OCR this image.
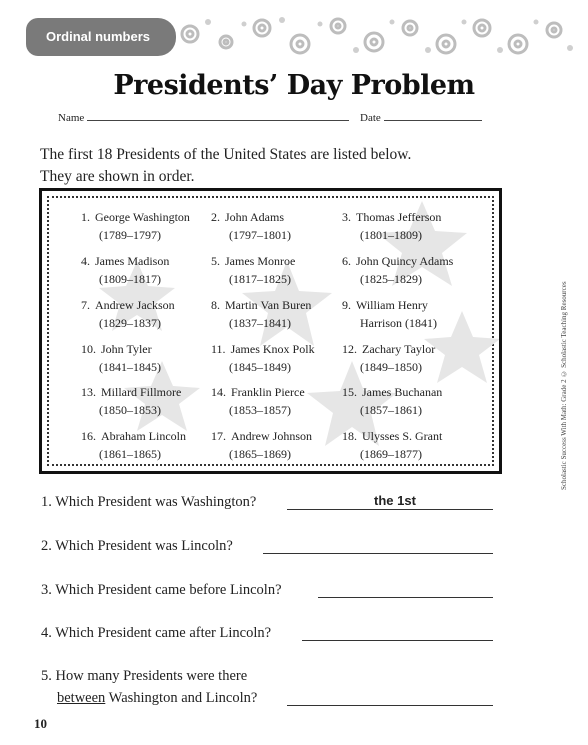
Ordinal numbers
Presidents’ Day Problem
Name	Date
The first 18 Presidents of the United States are listed below.
They are shown in order.
1. George Washington
(1789–1797)
2. John Adams
(1797–1801)
3. Thomas Jefferson
(1801–1809)
4. James Madison
(1809–1817)
5. James Monroe
(1817–1825)
6. John Quincy Adams
(1825–1829)
7. Andrew Jackson
(1829–1837)
8. Martin Van Buren
(1837–1841)
9. William Henry
Harrison (1841)
10. John Tyler
(1841–1845)
11. James Knox Polk
(1845–1849)
12. Zachary Taylor
(1849–1850)
13. Millard Fillmore
(1850–1853)
14. Franklin Pierce
(1853–1857)
15. James Buchanan
(1857–1861)
16. Abraham Lincoln
(1861–1865)
17. Andrew Johnson
(1865–1869)
18. Ulysses S. Grant
(1869–1877)
1. Which President was Washington?	the 1st
2. Which President was Lincoln?
3. Which President came before Lincoln?
4. Which President came after Lincoln?
5. How many Presidents were there
between Washington and Lincoln?
Scholastic Success With Math: Grade 2 © Scholastic Teaching Resources
10
